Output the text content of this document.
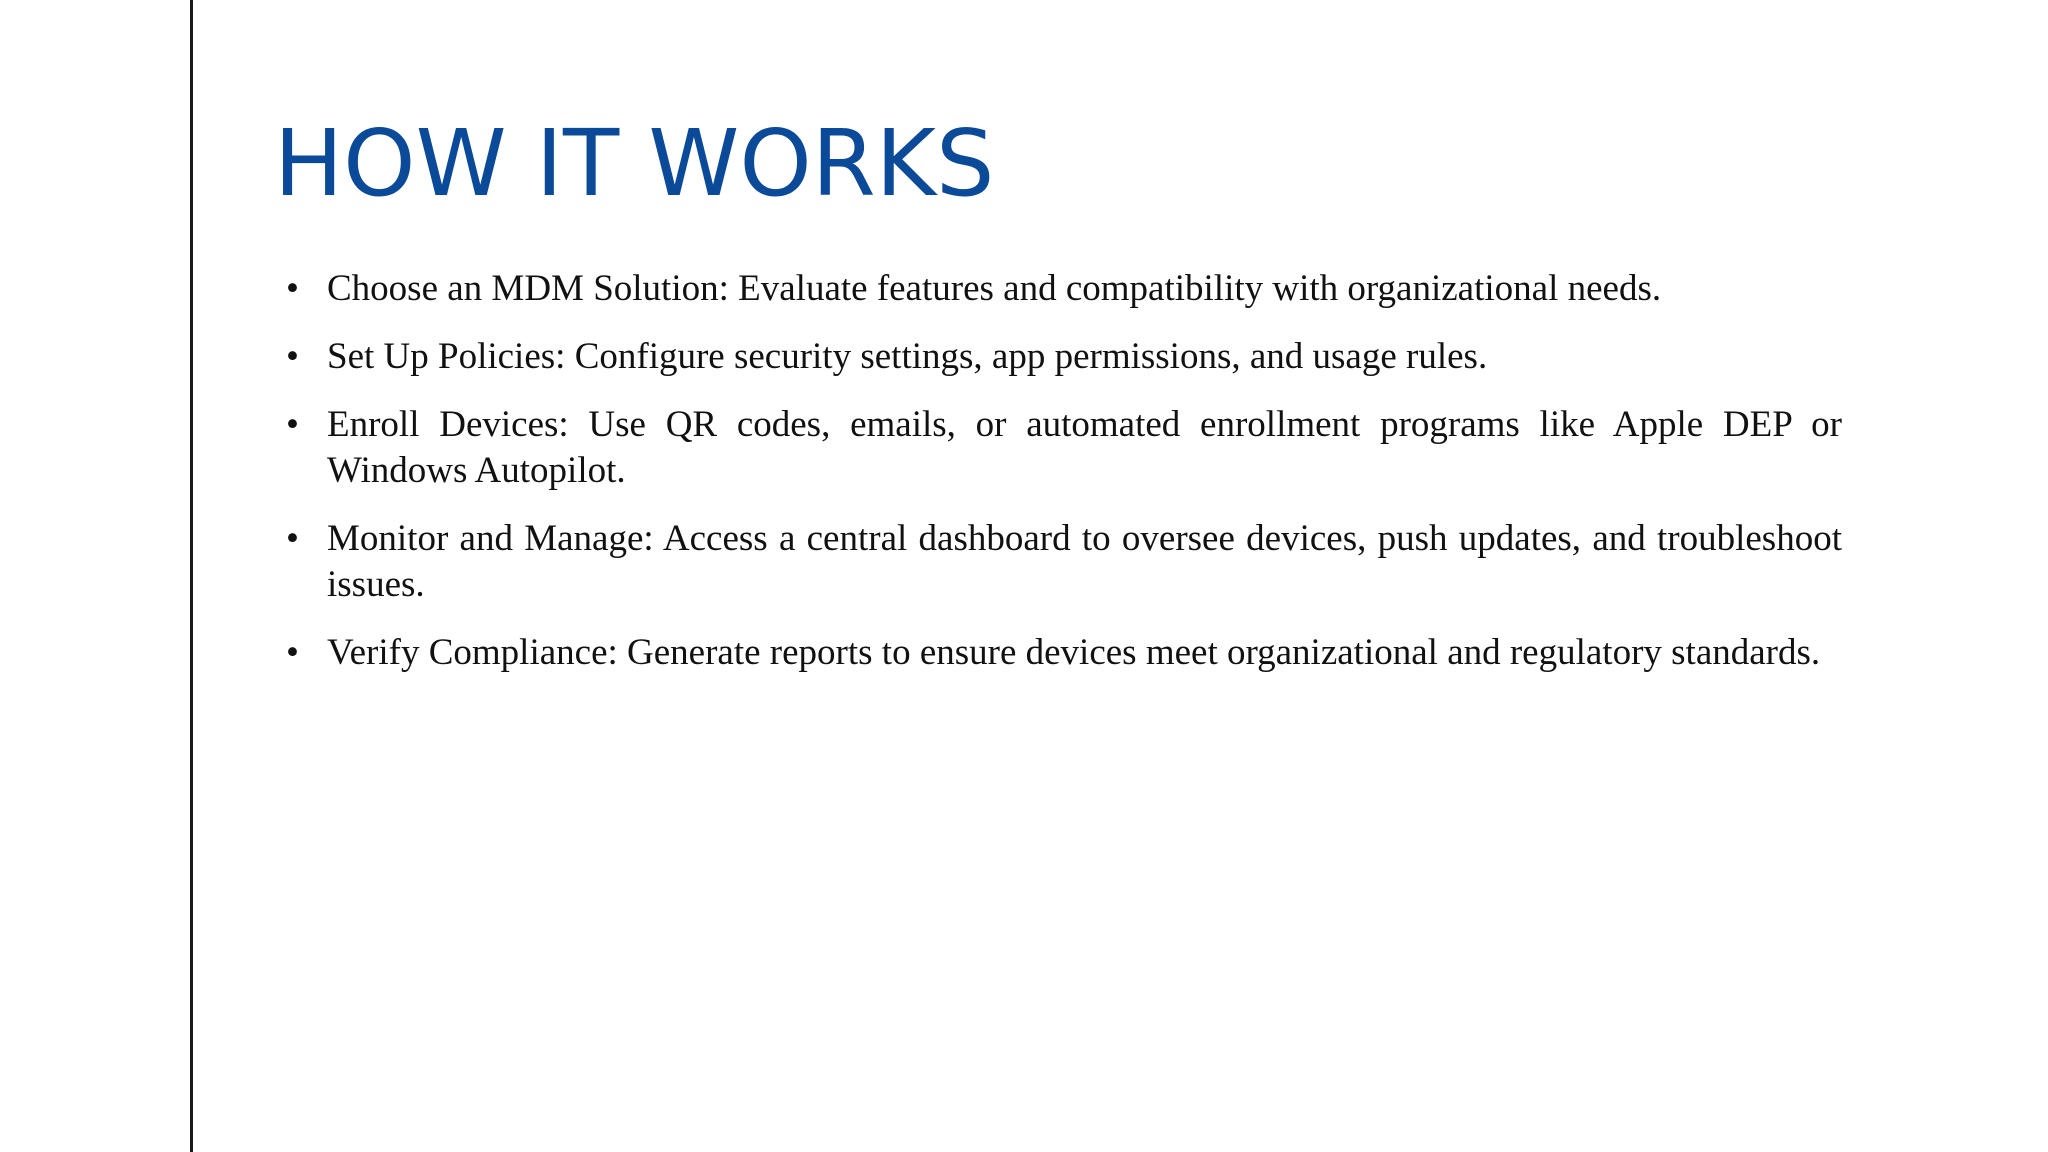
HOW IT WORKS
• Choose an MDM Solution: Evaluate features and compatibility with organizational needs.
• Set Up Policies: Configure security settings, app permissions, and usage rules.
• Enroll Devices: Use QR codes, emails, or automated enrollment programs like Apple DEP or Windows Autopilot.
• Monitor and Manage: Access a central dashboard to oversee devices, push updates, and troubleshoot issues.
• Verify Compliance: Generate reports to ensure devices meet organizational and regulatory standards.
